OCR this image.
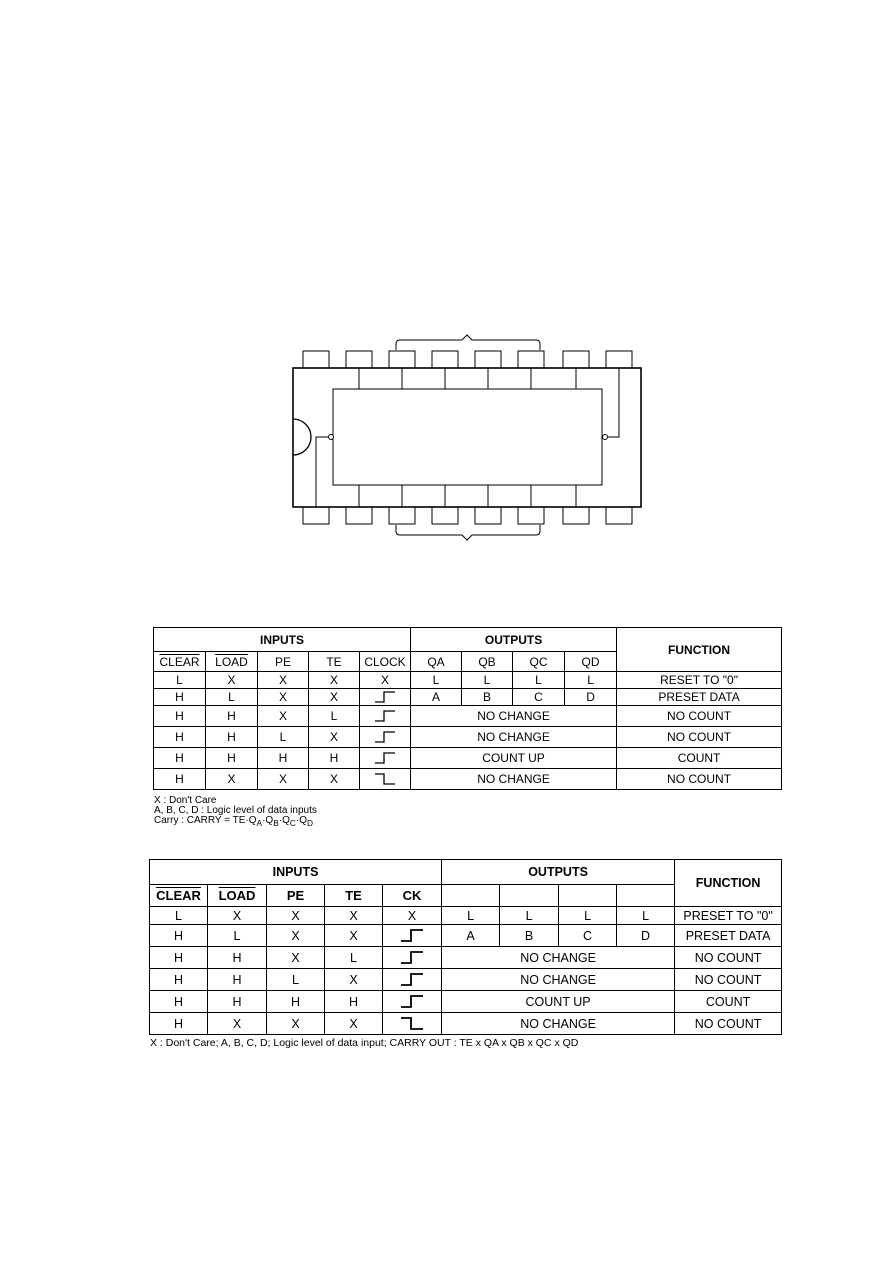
INPUTS					OUTPUTS				FUNCTION
CLEAR	LOAD	PE	TE	CLOCK	QA	QB	QC	QD	
L	X	X	X	X	L	L	L	L	RESET TO "0"
H	L	X	X		A	B	C	D	PRESET DATA
H	H	X	L		NO CHANGE				NO COUNT
H	H	L	X		NO CHANGE				NO COUNT
H	H	H	H		COUNT UP				COUNT
H	X	X	X		NO CHANGE				NO COUNT
X : Don't Care
A, B, C, D : Logic level of data inputs
Carry : CARRY = $TE\cdot Q_A\cdot Q_B\cdot Q_C\cdot Q_D$
INPUTS					OUTPUTS				FUNCTION
CLEAR	LOAD	PE	TE	CK					
L	X	X	X	X	L	L	L	L	PRESET TO "0"
H	L	X	X		A	B	C	D	PRESET DATA
H	H	X	L		NO CHANGE				NO COUNT
H	H	L	X		NO CHANGE				NO COUNT
H	H	H	H		COUNT UP				COUNT
H	X	X	X		NO CHANGE				NO COUNT
X : Don't Care; A, B, C, D; Logic level of data input; CARRY OUT : TE x QA x QB x QC x QD
